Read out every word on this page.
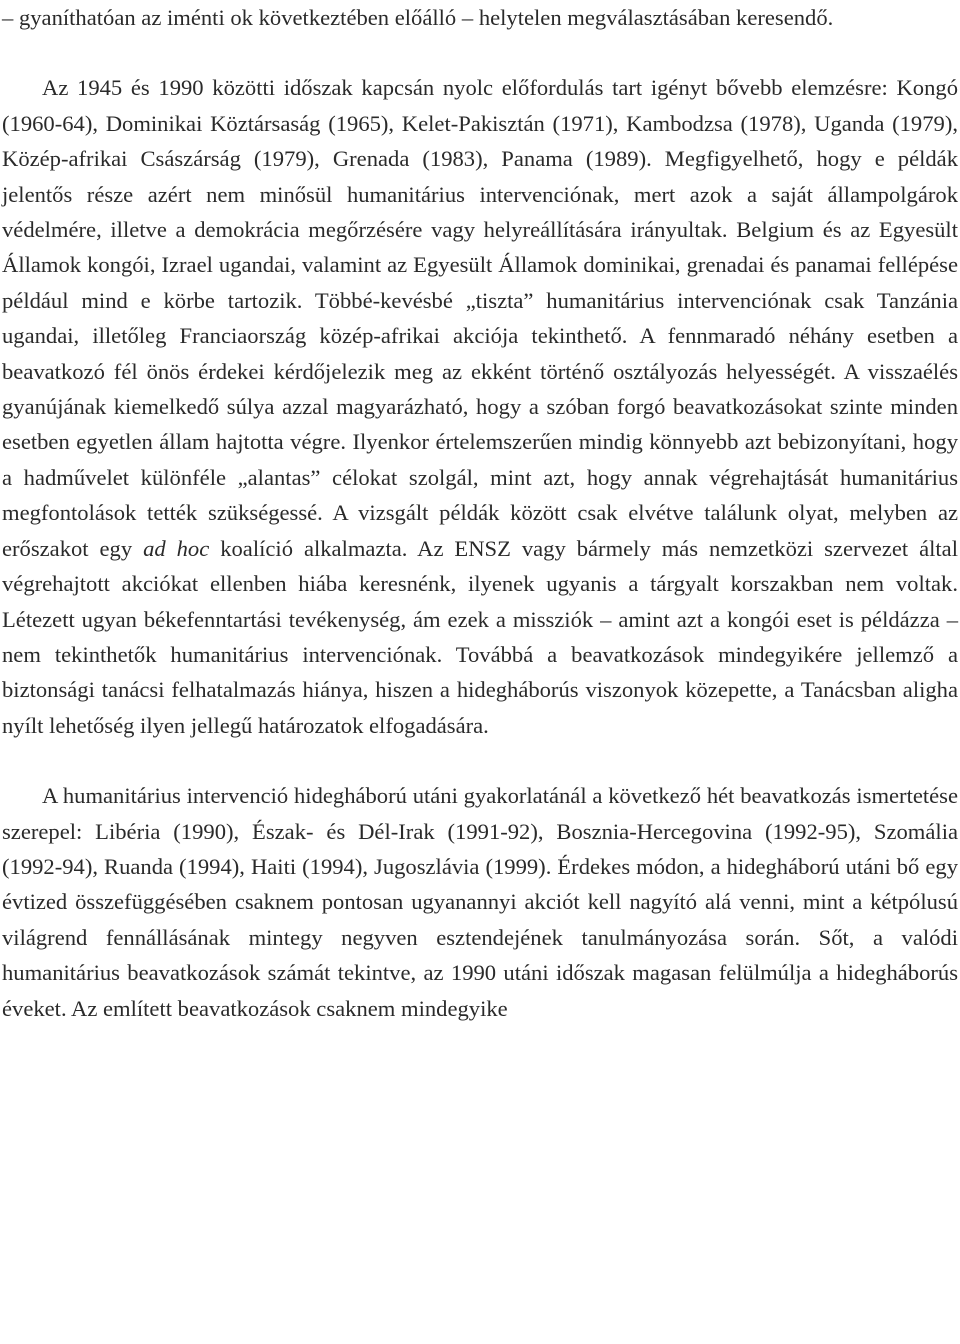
– gyaníthatóan az iménti ok következtében előálló – helytelen megválasztásában keresendő.

Az 1945 és 1990 közötti időszak kapcsán nyolc előfordulás tart igényt bővebb elemzésre: Kongó (1960-64), Dominikai Köztársaság (1965), Kelet-Pakisztán (1971), Kambodzsa (1978), Uganda (1979), Közép-afrikai Császárság (1979), Grenada (1983), Panama (1989). Megfigyelhető, hogy e példák jelentős része azért nem minősül humanitárius intervenciónak, mert azok a saját állampolgárok védelmére, illetve a demokrácia megőrzésére vagy helyreállítására irányultak. Belgium és az Egyesült Államok kongói, Izrael ugandai, valamint az Egyesült Államok dominikai, grenadai és panamai fellépése például mind e körbe tartozik. Többé-kevésbé „tiszta” humanitárius intervenciónak csak Tanzánia ugandai, illetőleg Franciaország közép-afrikai akciója tekinthető. A fennmaradó néhány esetben a beavatkozó fél önös érdekei kérdőjelezik meg az ekként történő osztályozás helyességét. A visszaélés gyanújának kiemelkedő súlya azzal magyarázható, hogy a szóban forgó beavatkozásokat szinte minden esetben egyetlen állam hajtotta végre. Ilyenkor értelemszerűen mindig könnyebb azt bebizonyítani, hogy a hadművelet különféle „alantas” célokat szolgál, mint azt, hogy annak végrehajtását humanitárius megfontolások tették szükségessé. A vizsgált példák között csak elvétve találunk olyat, melyben az erőszakot egy ad hoc koalíció alkalmazta. Az ENSZ vagy bármely más nemzetközi szervezet által végrehajtott akciókat ellenben hiába keresnénk, ilyenek ugyanis a tárgyalt korszakban nem voltak. Létezett ugyan békefenntartási tevékenység, ám ezek a missziók – amint azt a kongói eset is példázza – nem tekinthetők humanitárius intervenciónak. Továbbá a beavatkozások mindegyikére jellemző a biztonsági tanácsi felhatalmazás hiánya, hiszen a hidegháborús viszonyok közepette, a Tanácsban aligha nyílt lehetőség ilyen jellegű határozatok elfogadására.

A humanitárius intervenció hidegháború utáni gyakorlatánál a következő hét beavatkozás ismertetése szerepel: Libéria (1990), Észak- és Dél-Irak (1991-92), Bosznia-Hercegovina (1992-95), Szomália (1992-94), Ruanda (1994), Haiti (1994), Jugoszlávia (1999). Érdekes módon, a hidegháború utáni bő egy évtized összefüggésében csaknem pontosan ugyanannyi akciót kell nagyító alá venni, mint a kétpólusú világrend fennállásának mintegy negyven esztendejének tanulmányozása során. Sőt, a valódi humanitárius beavatkozások számát tekintve, az 1990 utáni időszak magasan felülmúlja a hidegháborús éveket. Az említett beavatkozások csaknem mindegyike
